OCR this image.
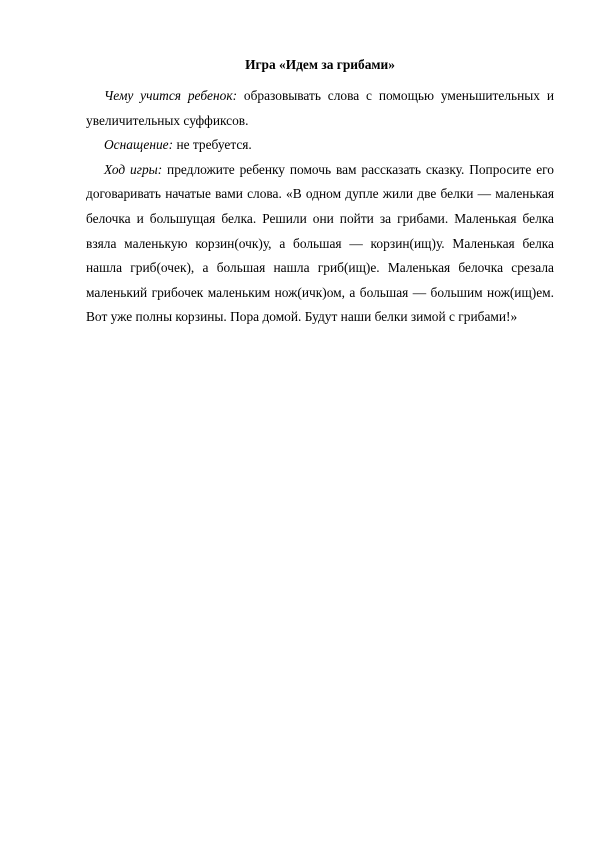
Игра «Идем за грибами»

Чему учится ребенок: образовывать слова с помощью уменьшительных и увеличительных суффиксов.

Оснащение: не требуется.

Ход игры: предложите ребенку помочь вам рассказать сказку. Попросите его договаривать начатые вами слова. «В одном дупле жили две белки — маленькая белочка и большущая белка. Решили они пойти за грибами. Маленькая белка взяла маленькую корзин(очк)у, а большая — корзин(ищ)у. Маленькая белка нашла гриб(очек), а большая нашла гриб(ищ)е. Маленькая белочка срезала маленький грибочек маленьким нож(ичк)ом, а большая — большим нож(ищ)ем. Вот уже полны корзины. Пора домой. Будут наши белки зимой с грибами!»
